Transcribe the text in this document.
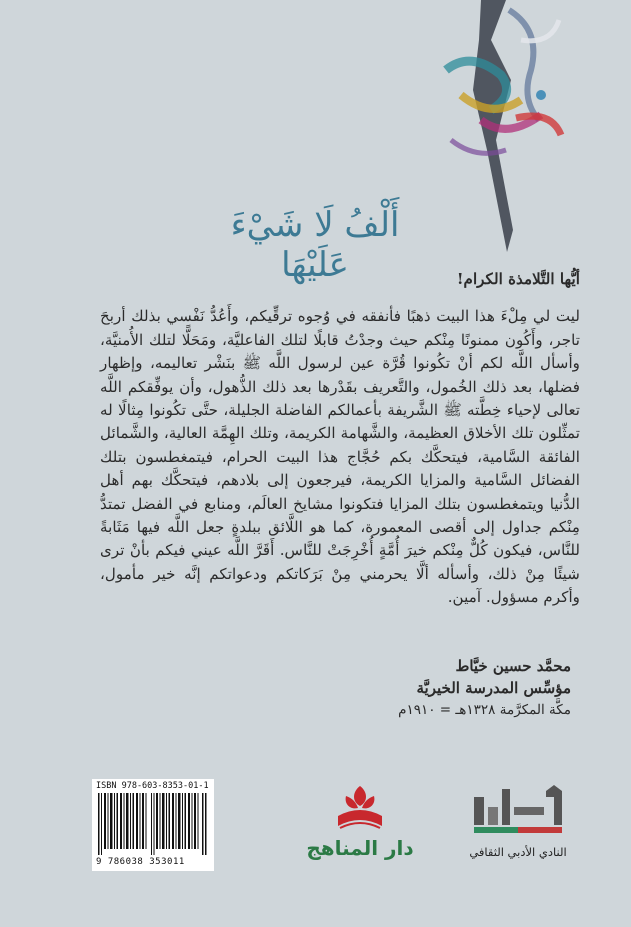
أَلْفُ لَا شَيْءَ عَلَيْهَا	أيُّها التَّلامذة الكرام!
ليت لي مِلْءَ هذا البيت ذهبًا فأنفقه في وُجوه ترقِّيكم، وأَعُدُّ نَفْسي بذلك أربحَ تاجر، وأَكُون ممنونًا مِنْكم حيث وجدْتُ قابلًا لتلك الفاعليَّة، ومَحَلًّا لتلك الأُمنيَّة، وأسأل اللَّه لكم أنْ تكُونوا قُرَّة عين لرسول اللَّه ﷺ بنَشْر تعاليمه، وإظهار فضلها، بعد ذلك الخُمول، والتَّعريف بقَدْرها بعد ذلك الذُّهول، وأن يوفِّقكم اللَّه تعالى لإحياء خِطَّته ﷺ الشَّريفة بأعمالكم الفاضلة الجليلة، حتَّى تكُونوا مِثالًا له تمثِّلون تلك الأخلاق العظيمة، والشَّهامة الكريمة، وتلك الهِمَّة العالية، والشَّمائل الفائقة السَّامية، فيتحكَّك بكم حُجَّاج هذا البيت الحرام، فيتمغطسون بتلك الفضائل السَّامية والمزايا الكريمة، فيرجعون إلى بلادهم، فيتحكَّك بهم أهل الدُّنيا ويتمغطسون بتلك المزايا فتكونوا مشايخ العالَم، ومنابع في الفضل تمتدُّ مِنْكم جداول إلى أقصى المعمورة، كما هو اللَّائق ببلدةٍ جعل اللَّه فيها مَثَابةً للنَّاس، فيكون كُلٌّ مِنْكم خيرَ أُمَّةٍ أُخْرِجَتْ للنَّاس. أَقَرَّ اللَّه عيني فيكم بأنْ ترى شيئًا مِنْ ذلك، وأسأله ألَّا يحرمني مِنْ بَرَكاتكم ودعواتكم إنَّه خير مأمول، وأكرم مسؤول. آمين.
محمَّد حسين خيَّاط
مؤسِّس المدرسة الخيريَّة
مكَّة المكرَّمة ١٣٢٨هـ = ١٩١٠م
ISBN 978-603-8353-01-1
9 786038 353011
دار المناهج	النادي الأدبي الثقافي
